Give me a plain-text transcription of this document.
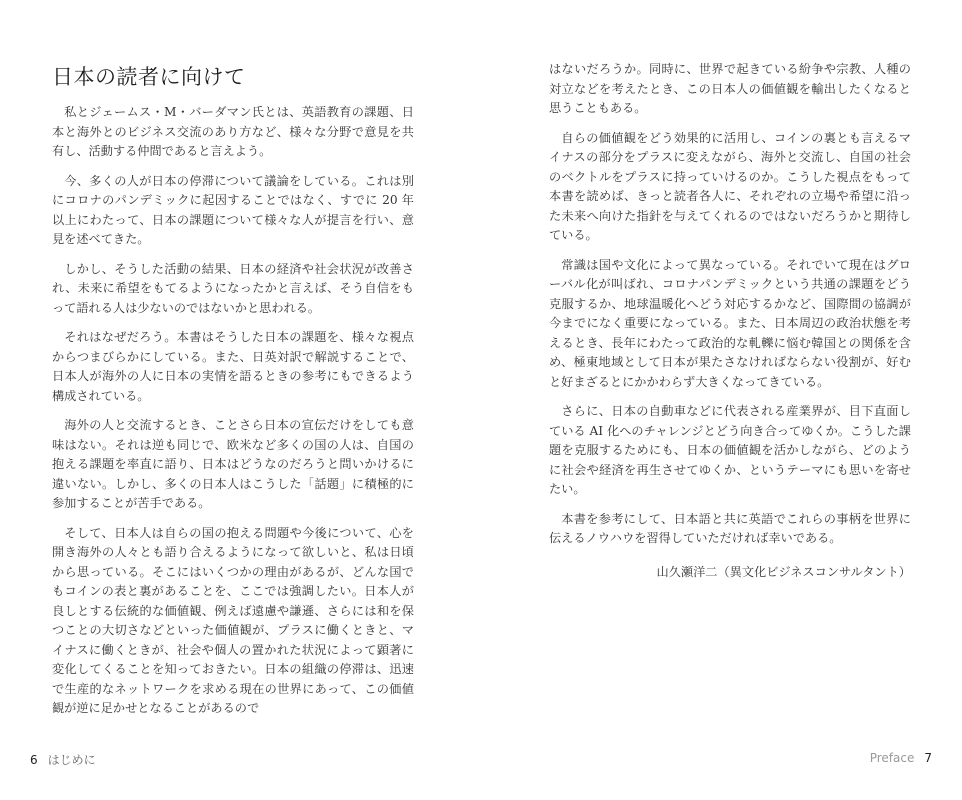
日本の読者に向けて

私とジェームス・M・バーダマン氏とは、英語教育の課題、日本と海外とのビジネス交流のあり方など、様々な分野で意見を共有し、活動する仲間であると言えよう。

今、多くの人が日本の停滞について議論をしている。これは別にコロナのパンデミックに起因することではなく、すでに 20 年以上にわたって、日本の課題について様々な人が提言を行い、意見を述べてきた。

しかし、そうした活動の結果、日本の経済や社会状況が改善され、未来に希望をもてるようになったかと言えば、そう自信をもって語れる人は少ないのではないかと思われる。

それはなぜだろう。本書はそうした日本の課題を、様々な視点からつまびらかにしている。また、日英対訳で解説することで、日本人が海外の人に日本の実情を語るときの参考にもできるよう構成されている。

海外の人と交流するとき、ことさら日本の宣伝だけをしても意味はない。それは逆も同じで、欧米など多くの国の人は、自国の抱える課題を率直に語り、日本はどうなのだろうと問いかけるに違いない。しかし、多くの日本人はこうした「話題」に積極的に参加することが苦手である。

そして、日本人は自らの国の抱える問題や今後について、心を開き海外の人々とも語り合えるようになって欲しいと、私は日頃から思っている。そこにはいくつかの理由があるが、どんな国でもコインの表と裏があることを、ここでは強調したい。日本人が良しとする伝統的な価値観、例えば遠慮や謙遜、さらには和を保つことの大切さなどといった価値観が、プラスに働くときと、マイナスに働くときが、社会や個人の置かれた状況によって顕著に変化してくることを知っておきたい。日本の組織の停滞は、迅速で生産的なネットワークを求める現在の世界にあって、この価値観が逆に足かせとなることがあるので

6 はじめに

はないだろうか。同時に、世界で起きている紛争や宗教、人種の対立などを考えたとき、この日本人の価値観を輸出したくなると思うこともある。

自らの価値観をどう効果的に活用し、コインの裏とも言えるマイナスの部分をプラスに変えながら、海外と交流し、自国の社会のベクトルをプラスに持っていけるのか。こうした視点をもって本書を読めば、きっと読者各人に、それぞれの立場や希望に沿った未来へ向けた指針を与えてくれるのではないだろうかと期待している。

常識は国や文化によって異なっている。それでいて現在はグローバル化が叫ばれ、コロナパンデミックという共通の課題をどう克服するか、地球温暖化へどう対応するかなど、国際間の協調が今までになく重要になっている。また、日本周辺の政治状態を考えるとき、長年にわたって政治的な軋轢に悩む韓国との関係を含め、極東地域として日本が果たさなければならない役割が、好むと好まざるとにかかわらず大きくなってきている。

さらに、日本の自動車などに代表される産業界が、目下直面している AI 化へのチャレンジとどう向き合ってゆくか。こうした課題を克服するためにも、日本の価値観を活かしながら、どのように社会や経済を再生させてゆくか、というテーマにも思いを寄せたい。

本書を参考にして、日本語と共に英語でこれらの事柄を世界に伝えるノウハウを習得していただければ幸いである。

山久瀬洋二（異文化ビジネスコンサルタント）
Preface 7
